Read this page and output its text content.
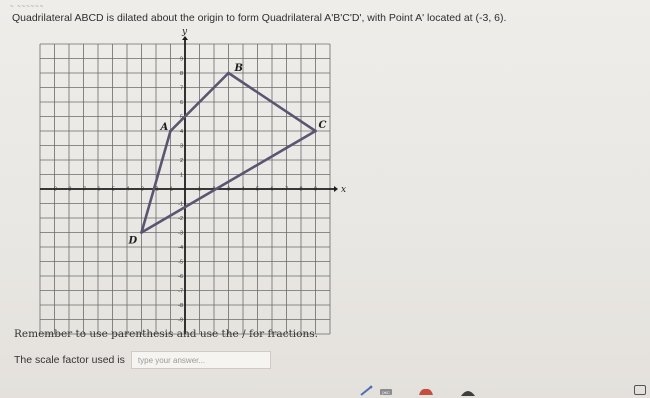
~ ~~~~~~
Quadrilateral ABCD is dilated about the origin to form Quadrilateral A'B'C'D', with Point A' located at (-3, 6).
x
y
-9 -8 -7 -6 -5 -4 -3 -2 -1	1 2 3 4 5 6 7 8 9
9
8
7
6
5
4
3
2
1
-1
-2
-3
-4
-5
-6
-7
-8
-9
A
B
C
D
Remember to use parenthesis and use the / for fractions.
The scale factor used is
type your answer...
|ЖС
